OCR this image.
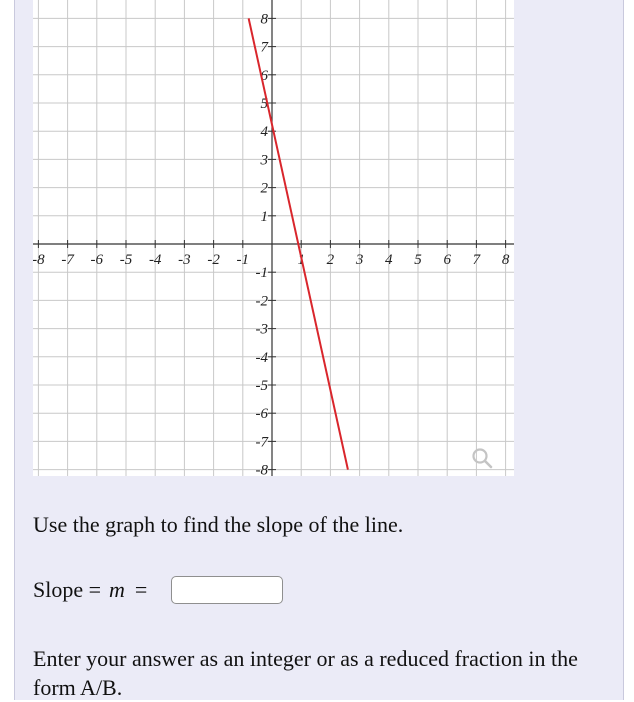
-8 -7 -6 -5 -4 -3 -2 -1	1 2 3 4 5 6 7 8
8
7
6
5
4
3
2
1
-1
-2
-3
-4
-5
-6
-7
-8
Use the graph to find the slope of the line.
Slope = m =
Enter your answer as an integer or as a reduced fraction in the form A/B.
